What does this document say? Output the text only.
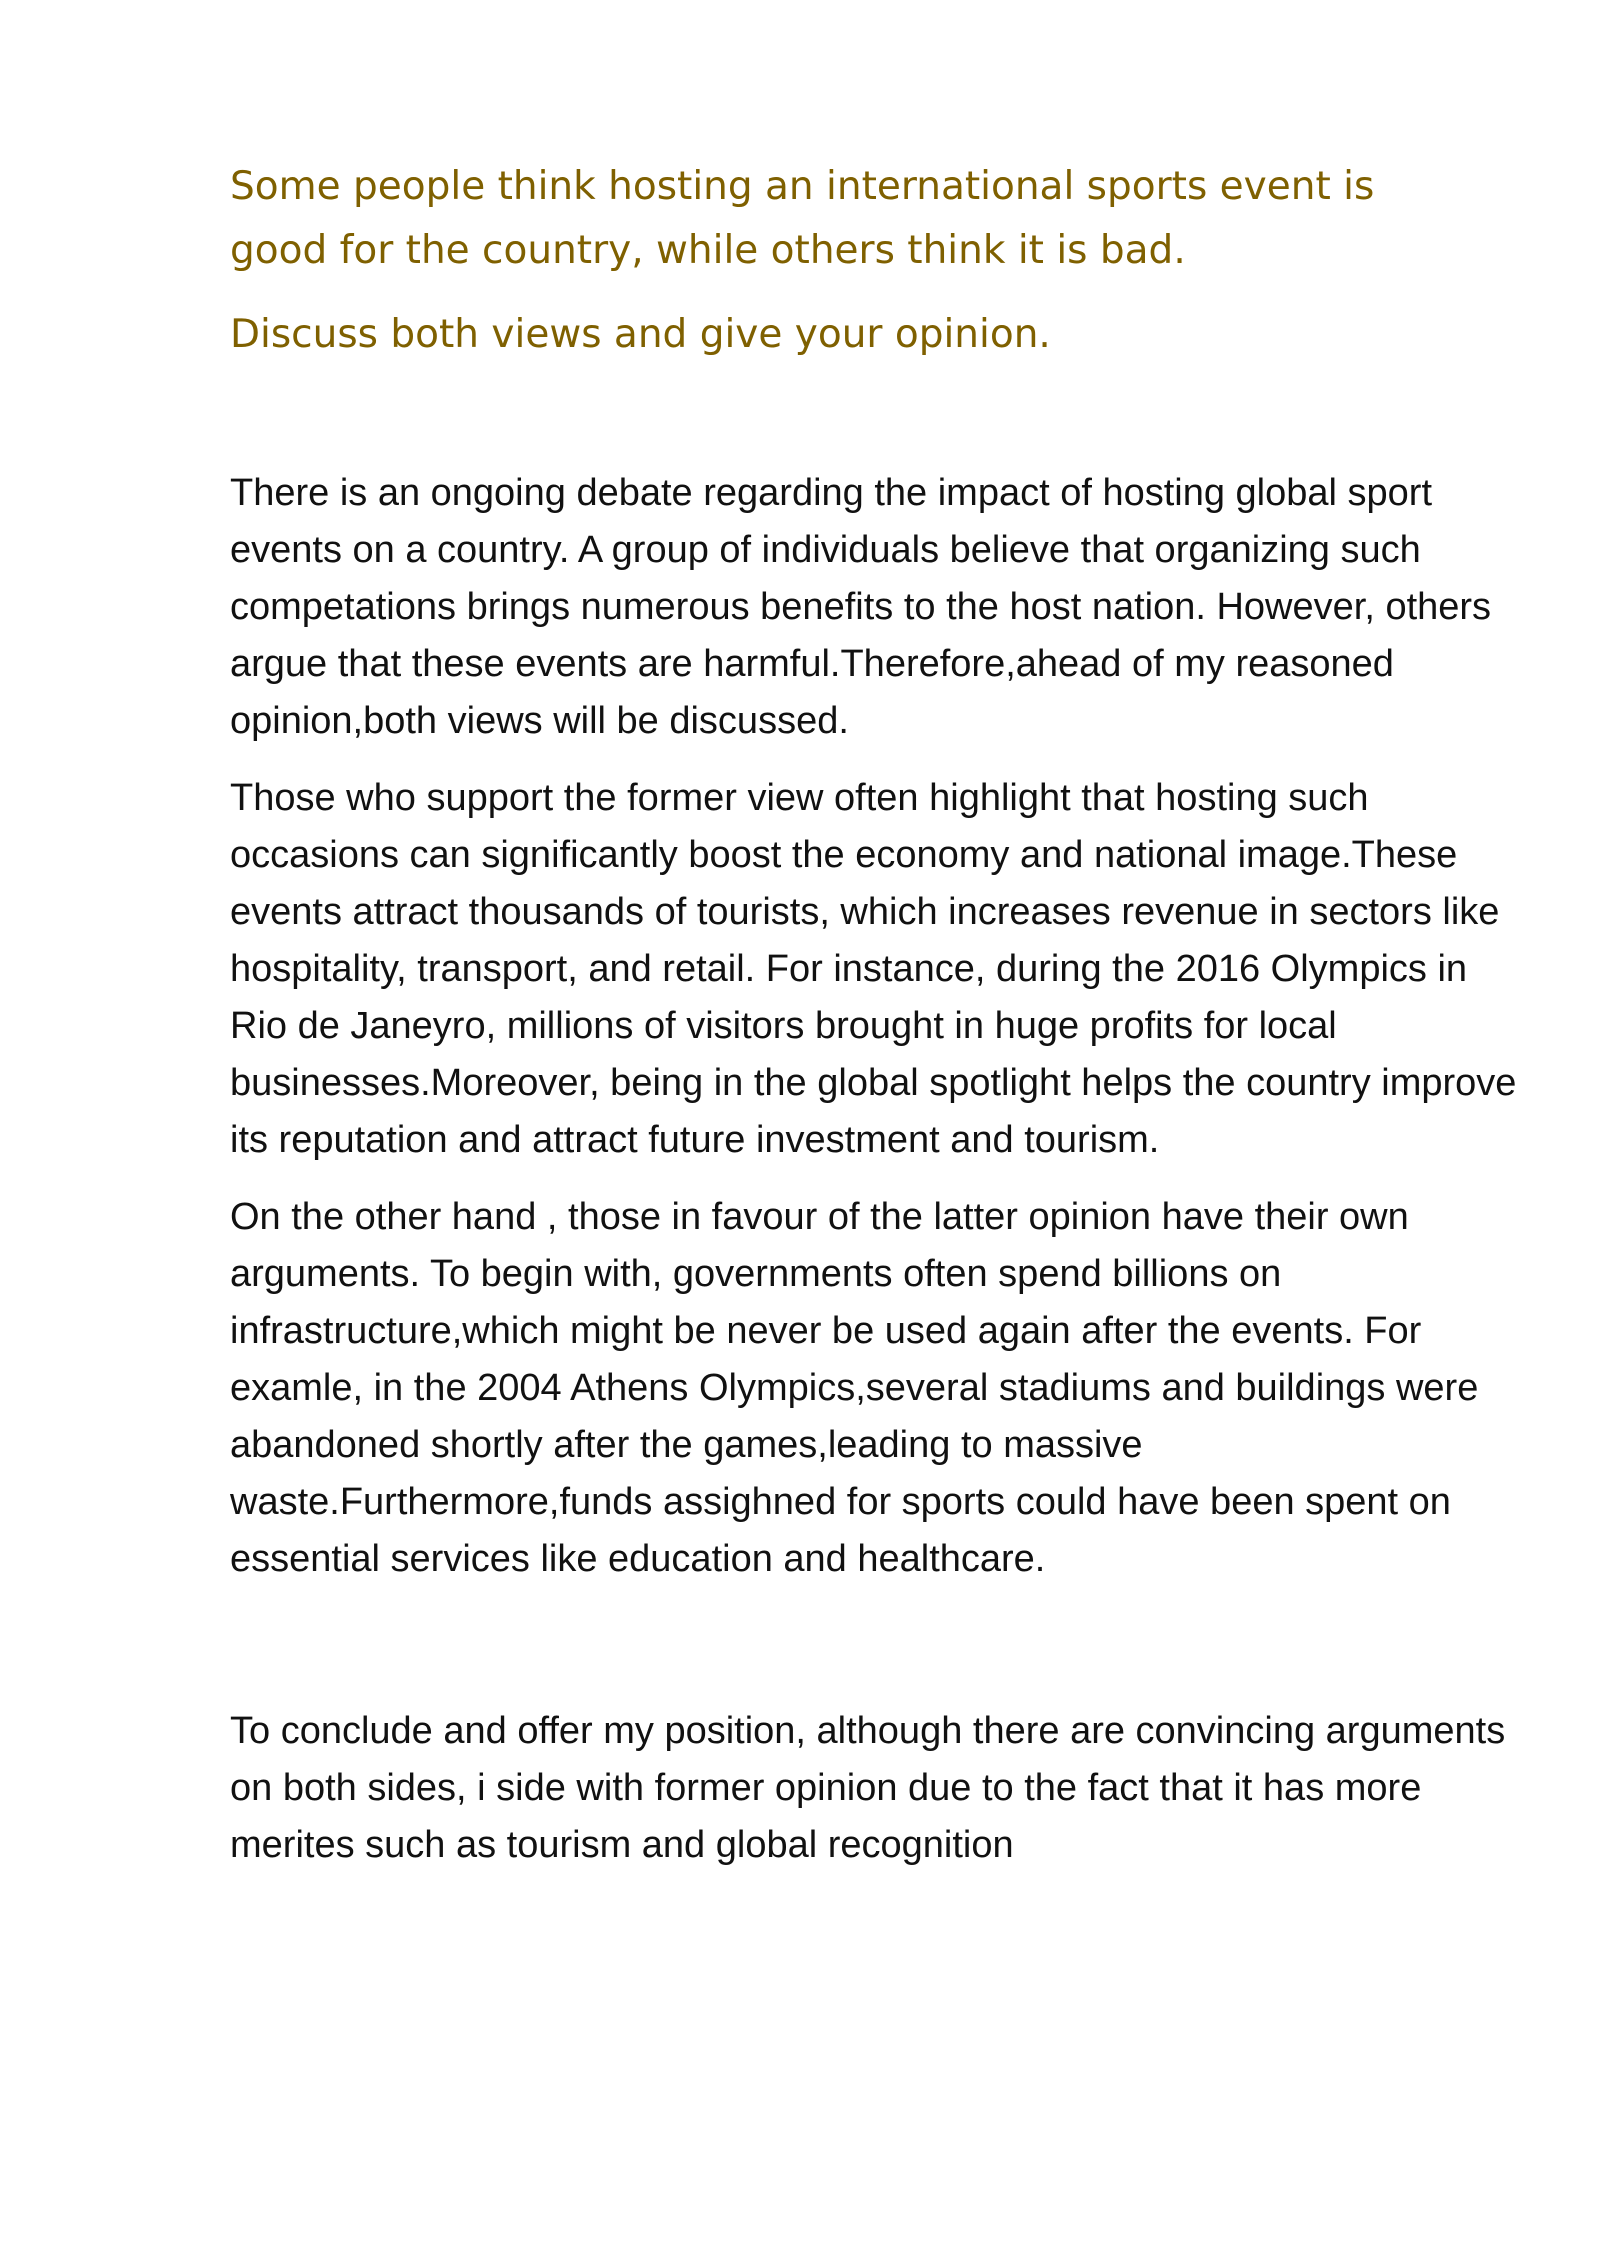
Some people think hosting an international sports event is good for the country, while others think it is bad.

Discuss both views and give your opinion.

There is an ongoing debate regarding the impact of hosting global sport events on a country. A group of individuals believe that organizing such competations brings numerous benefits to the host nation. However, others argue that these events are harmful.Therefore,ahead of my reasoned opinion,both views will be discussed.

Those who support the former view often highlight that hosting such occasions can significantly boost the economy and national image.These events attract thousands of tourists, which increases revenue in sectors like hospitality, transport, and retail. For instance, during the 2016 Olympics in Rio de Janeyro, millions of visitors brought in huge profits for local businesses.Moreover, being in the global spotlight helps the country improve its reputation and attract future investment and tourism.

On the other hand , those in favour of the latter opinion have their own arguments. To begin with, governments often spend billions on infrastructure,which might be never be used again after the events. For examle, in the 2004 Athens Olympics,several stadiums and buildings were abandoned shortly after the games,leading to massive waste.Furthermore,funds assighned for sports could have been spent on essential services like education and healthcare.

To conclude and offer my position, although there are convincing arguments on both sides, i side with former opinion due to the fact that it has more merites such as tourism and global recognition
